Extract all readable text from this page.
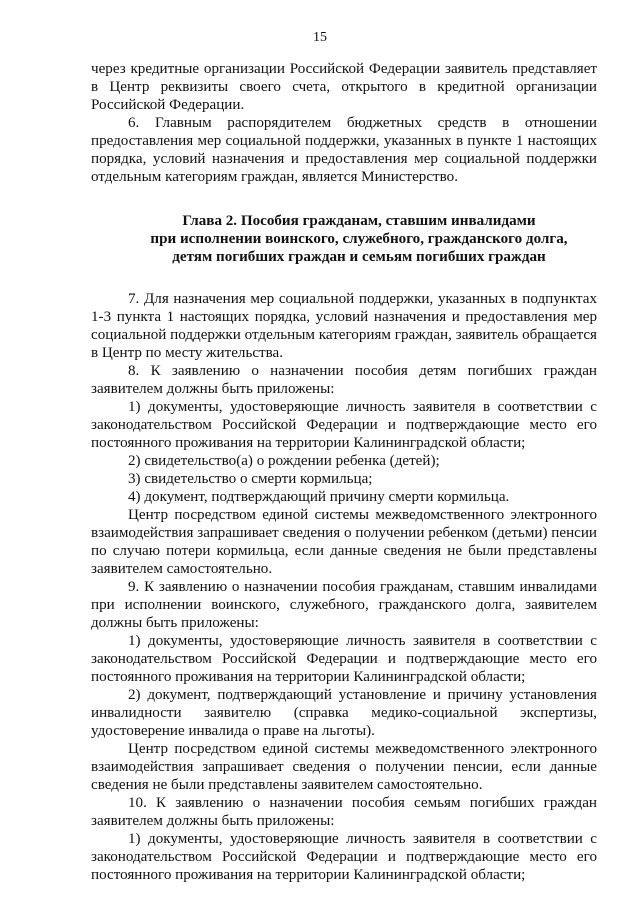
15

через кредитные организации Российской Федерации заявитель представляет в Центр реквизиты своего счета, открытого в кредитной организации Российской Федерации.

6. Главным распорядителем бюджетных средств в отношении предоставления мер социальной поддержки, указанных в пункте 1 настоящих порядка, условий назначения и предоставления мер социальной поддержки отдельным категориям граждан, является Министерство.

Глава 2. Пособия гражданам, ставшим инвалидами
при исполнении воинского, служебного, гражданского долга,
детям погибших граждан и семьям погибших граждан

7. Для назначения мер социальной поддержки, указанных в подпунктах 1-3 пункта 1 настоящих порядка, условий назначения и предоставления мер социальной поддержки отдельным категориям граждан, заявитель обращается в Центр по месту жительства.

8. К заявлению о назначении пособия детям погибших граждан заявителем должны быть приложены:

1) документы, удостоверяющие личность заявителя в соответствии с законодательством Российской Федерации и подтверждающие место его постоянного проживания на территории Калининградской области;

2) свидетельство(а) о рождении ребенка (детей);

3) свидетельство о смерти кормильца;

4) документ, подтверждающий причину смерти кормильца.

Центр посредством единой системы межведомственного электронного взаимодействия запрашивает сведения о получении ребенком (детьми) пенсии по случаю потери кормильца, если данные сведения не были представлены заявителем самостоятельно.

9. К заявлению о назначении пособия гражданам, ставшим инвалидами при исполнении воинского, служебного, гражданского долга, заявителем должны быть приложены:

1) документы, удостоверяющие личность заявителя в соответствии с законодательством Российской Федерации и подтверждающие место его постоянного проживания на территории Калининградской области;

2) документ, подтверждающий установление и причину установления инвалидности заявителю (справка медико-социальной экспертизы, удостоверение инвалида о праве на льготы).

Центр посредством единой системы межведомственного электронного взаимодействия запрашивает сведения о получении пенсии, если данные сведения не были представлены заявителем самостоятельно.

10. К заявлению о назначении пособия семьям погибших граждан заявителем должны быть приложены:

1) документы, удостоверяющие личность заявителя в соответствии с законодательством Российской Федерации и подтверждающие место его постоянного проживания на территории Калининградской области;
